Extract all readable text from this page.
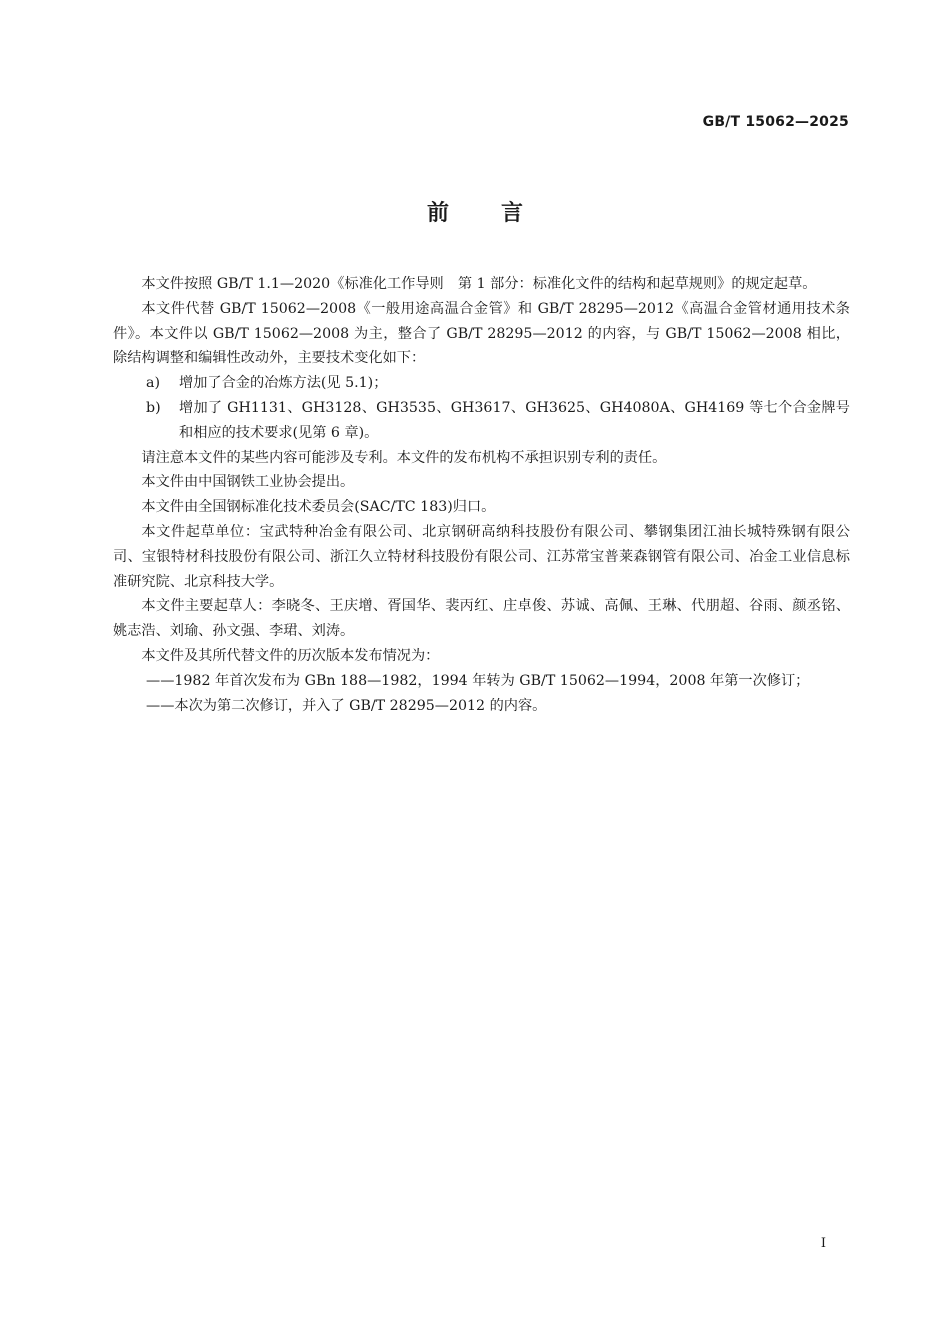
GB/T 15062—2025
前言

本文件按照 GB/T 1.1—2020《标准化工作导则　第 1 部分：标准化文件的结构和起草规则》的规定起草。

本文件代替 GB/T 15062—2008《一般用途高温合金管》和 GB/T 28295—2012《高温合金管材通用技术条件》。本文件以 GB/T 15062—2008 为主，整合了 GB/T 28295—2012 的内容，与 GB/T 15062—2008 相比，除结构调整和编辑性改动外，主要技术变化如下：

a)	增加了合金的冶炼方法(见 5.1)；
b)	增加了 GH1131、GH3128、GH3535、GH3617、GH3625、GH4080A、GH4169 等七个合金牌号和相应的技术要求(见第 6 章)。

请注意本文件的某些内容可能涉及专利。本文件的发布机构不承担识别专利的责任。

本文件由中国钢铁工业协会提出。

本文件由全国钢标准化技术委员会(SAC/TC 183)归口。

本文件起草单位：宝武特种冶金有限公司、北京钢研高纳科技股份有限公司、攀钢集团江油长城特殊钢有限公司、宝银特材科技股份有限公司、浙江久立特材科技股份有限公司、江苏常宝普莱森钢管有限公司、冶金工业信息标准研究院、北京科技大学。

本文件主要起草人：李晓冬、王庆增、胥国华、裴丙红、庄卓俊、苏诚、高佩、王琳、代朋超、谷雨、颜丞铭、姚志浩、刘瑜、孙文强、李珺、刘涛。

本文件及其所代替文件的历次版本发布情况为：

——1982 年首次发布为 GBn 188—1982，1994 年转为 GB/T 15062—1994，2008 年第一次修订；
——本次为第二次修订，并入了 GB/T 28295—2012 的内容。
I
